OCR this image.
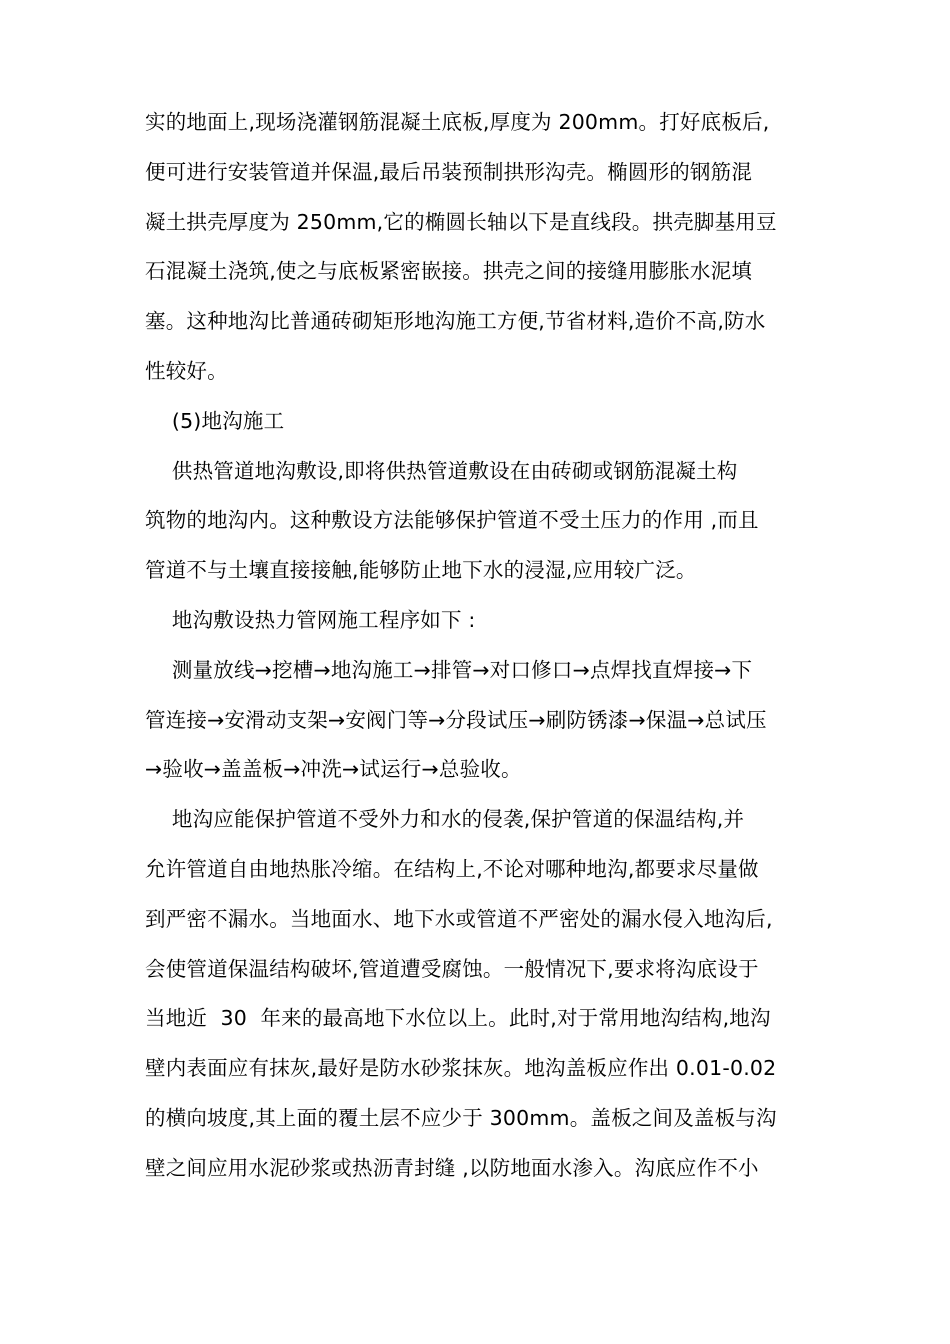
实的地面上,现场浇灌钢筋混凝土底板,厚度为 200mm。打好底板后,
便可进行安装管道并保温,最后吊装预制拱形沟壳。椭圆形的钢筋混
凝土拱壳厚度为 250mm,它的椭圆长轴以下是直线段。拱壳脚基用豆
石混凝土浇筑,使之与底板紧密嵌接。拱壳之间的接缝用膨胀水泥填
塞。这种地沟比普通砖砌矩形地沟施工方便,节省材料,造价不高,防水
性较好。
(5)地沟施工
供热管道地沟敷设,即将供热管道敷设在由砖砌或钢筋混凝土构
筑物的地沟内。这种敷设方法能够保护管道不受土压力的作用 ,而且
管道不与土壤直接接触,能够防止地下水的浸湿,应用较广泛。
地沟敷设热力管网施工程序如下 :
测量放线→挖槽→地沟施工→排管→对口修口→点焊找直焊接→下
管连接→安滑动支架→安阀门等→分段试压→刷防锈漆→保温→总试压
→验收→盖盖板→冲洗→试运行→总验收。
地沟应能保护管道不受外力和水的侵袭,保护管道的保温结构,并
允许管道自由地热胀冷缩。在结构上,不论对哪种地沟,都要求尽量做
到严密不漏水。当地面水、地下水或管道不严密处的漏水侵入地沟后,
会使管道保温结构破坏,管道遭受腐蚀。一般情况下,要求将沟底设于
当地近  30  年来的最高地下水位以上。此时,对于常用地沟结构,地沟
壁内表面应有抹灰,最好是防水砂浆抹灰。地沟盖板应作出 0.01-0.02
的横向坡度,其上面的覆土层不应少于 300mm。盖板之间及盖板与沟
壁之间应用水泥砂浆或热沥青封缝 ,以防地面水渗入。沟底应作不小
